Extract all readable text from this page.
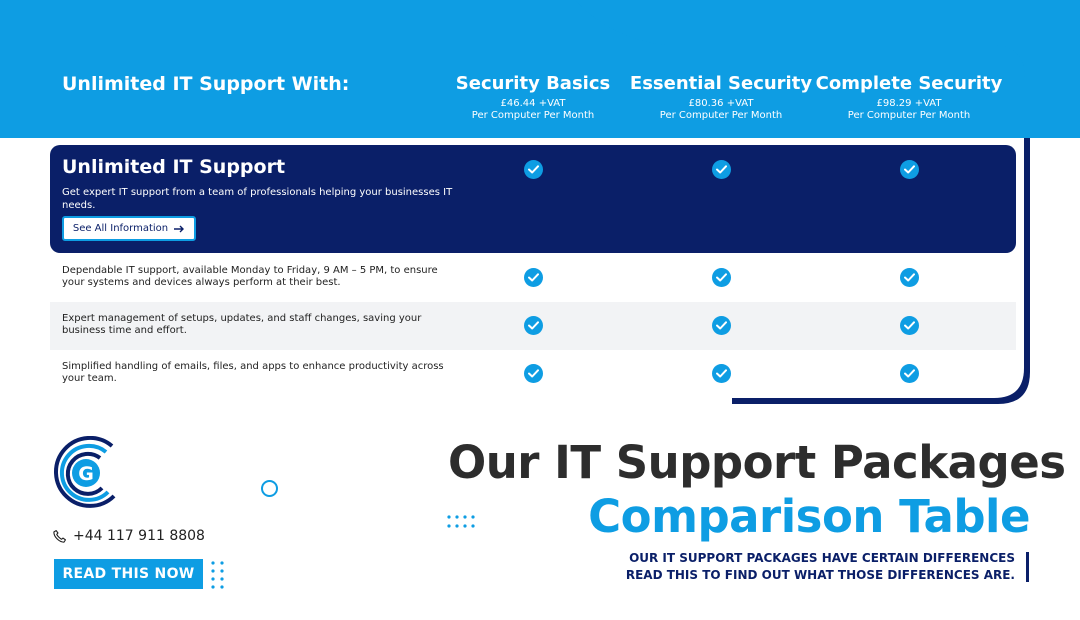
Unlimited IT Support With:	Security Basics
£46.44 +VAT
Per Computer Per Month
Essential Security
£80.36 +VAT
Per Computer Per Month
Complete Security
£98.29 +VAT
Per Computer Per Month
Unlimited IT Support
Get expert IT support from a team of professionals helping your businesses IT needs.
See All Information
Dependable IT support, available Monday to Friday, 9 AM – 5 PM, to ensure your systems and devices always perform at their best.
Expert management of setups, updates, and staff changes, saving your business time and effort.
Simplified handling of emails, files, and apps to enhance productivity across your team.
G
+44 117 911 8808
READ THIS NOW
Our IT Support Packages
Comparison Table
OUR IT SUPPORT PACKAGES HAVE CERTAIN DIFFERENCES
READ THIS TO FIND OUT WHAT THOSE DIFFERENCES ARE.
